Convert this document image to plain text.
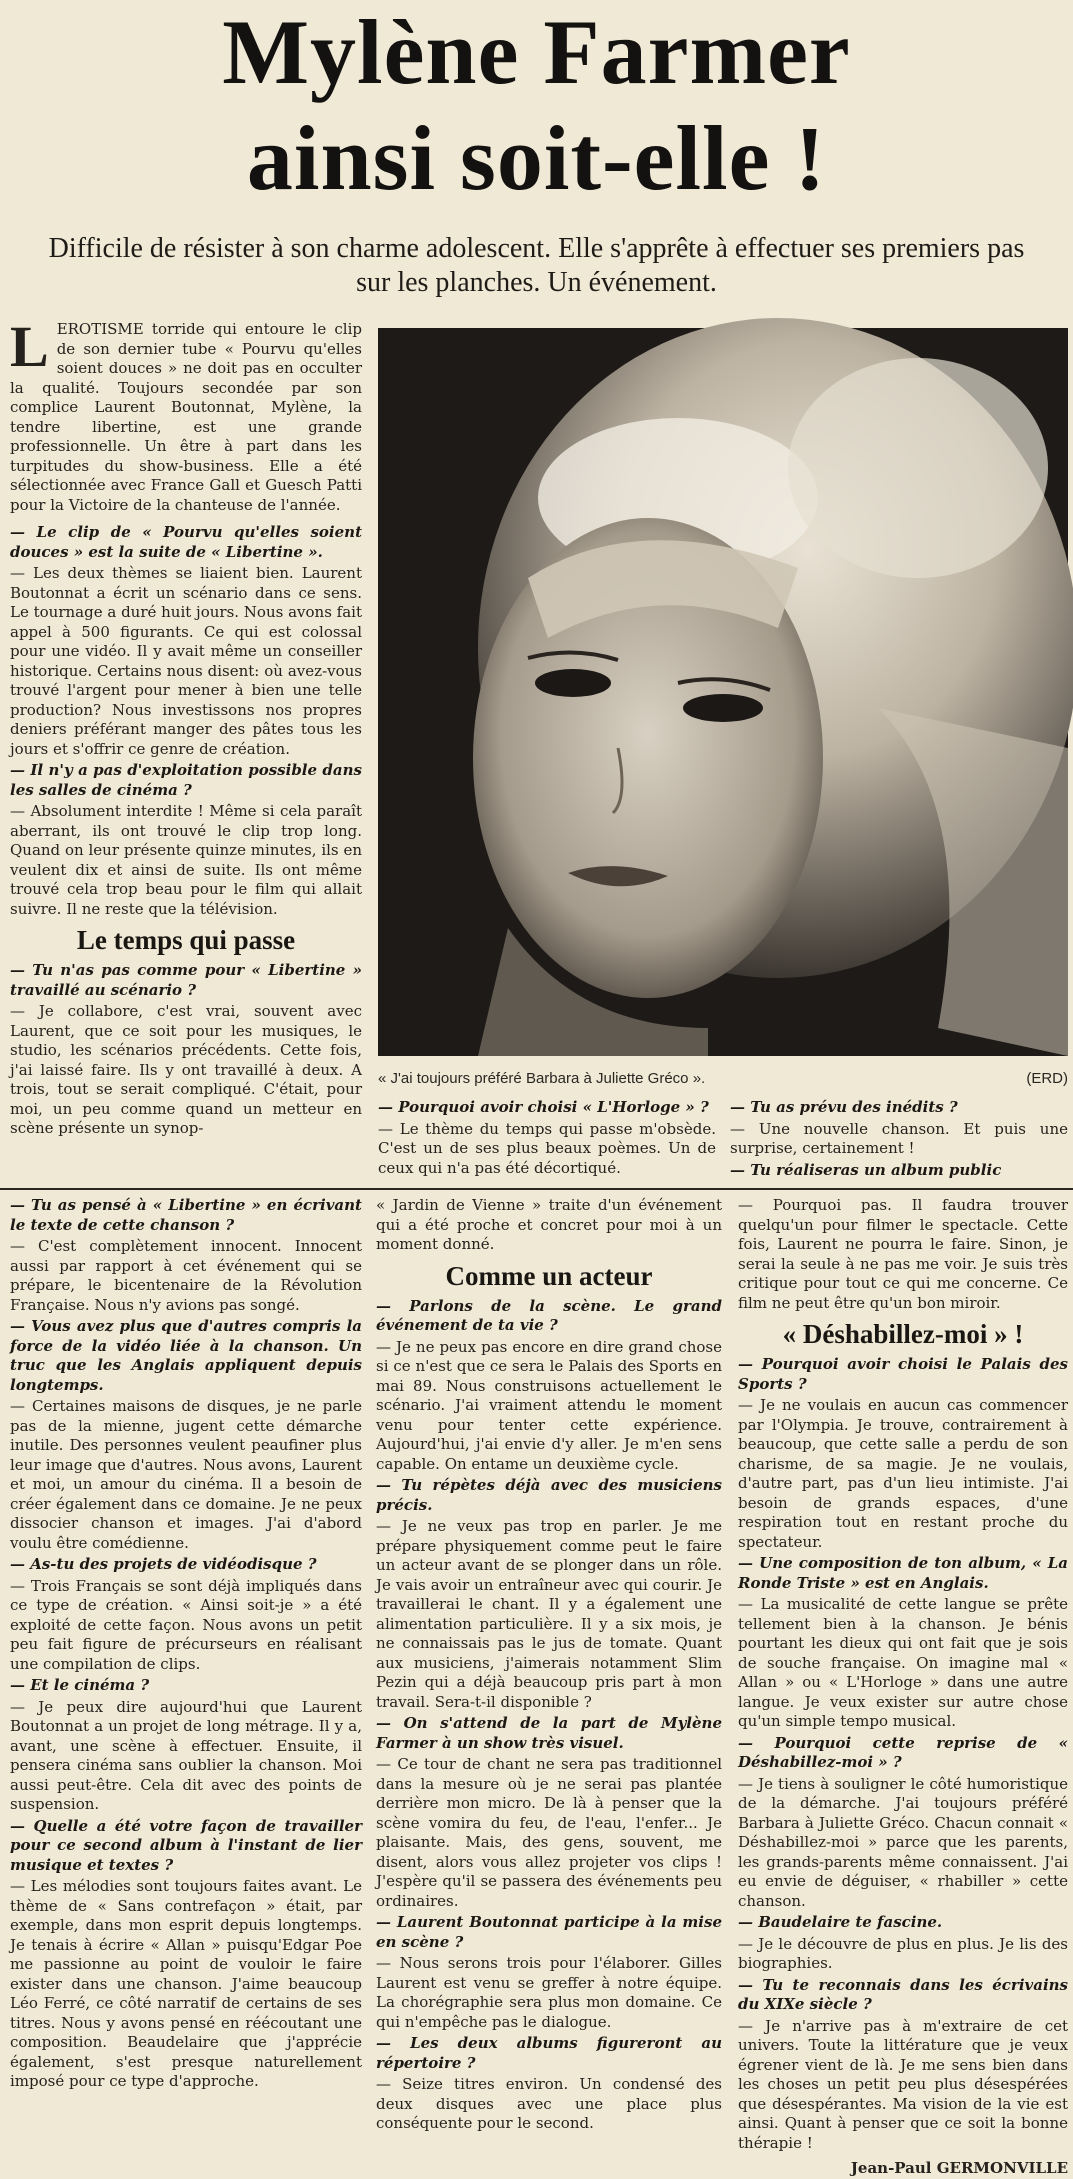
Mylène Farmer
ainsi soit-elle !
Difficile de résister à son charme adolescent. Elle s'apprête à effectuer ses premiers pas sur les planches. Un événement.

LEROTISME torride qui entoure le clip de son dernier tube « Pourvu qu'elles soient douces » ne doit pas en occulter la qualité. Toujours secondée par son complice Laurent Boutonnat, Mylène, la tendre libertine, est une grande professionnelle. Un être à part dans les turpitudes du show-business. Elle a été sélectionnée avec France Gall et Guesch Patti pour la Victoire de la chanteuse de l'année.

— Le clip de « Pourvu qu'elles soient douces » est la suite de « Libertine ».

— Les deux thèmes se liaient bien. Laurent Boutonnat a écrit un scénario dans ce sens. Le tournage a duré huit jours. Nous avons fait appel à 500 figurants. Ce qui est colossal pour une vidéo. Il y avait même un conseiller historique. Certains nous disent: où avez-vous trouvé l'argent pour mener à bien une telle production? Nous investissons nos propres deniers préférant manger des pâtes tous les jours et s'offrir ce genre de création.

— Il n'y a pas d'exploitation possible dans les salles de cinéma ?

— Absolument interdite ! Même si cela paraît aberrant, ils ont trouvé le clip trop long. Quand on leur présente quinze minutes, ils en veulent dix et ainsi de suite. Ils ont même trouvé cela trop beau pour le film qui allait suivre. Il ne reste que la télévision.

Le temps qui passe

— Tu n'as pas comme pour « Libertine » travaillé au scénario ?

— Je collabore, c'est vrai, souvent avec Laurent, que ce soit pour les musiques, le studio, les scénarios précédents. Cette fois, j'ai laissé faire. Ils y ont travaillé à deux. A trois, tout se serait compliqué. C'était, pour moi, un peu comme quand un metteur en scène présente un synop-

« J'ai toujours préféré Barbara à Juliette Gréco ».	(ERD)

— Pourquoi avoir choisi « L'Horloge » ?

— Le thème du temps qui passe m'obsède. C'est un de ses plus beaux poèmes. Un de ceux qui n'a pas été décortiqué.

— Tu as prévu des inédits ?

— Une nouvelle chanson. Et puis une surprise, certainement !

— Tu réaliseras un album public

— Tu as pensé à « Libertine » en écrivant le texte de cette chanson ?

— C'est complètement innocent. Innocent aussi par rapport à cet événement qui se prépare, le bicentenaire de la Révolution Française. Nous n'y avions pas songé.

— Vous avez plus que d'autres compris la force de la vidéo liée à la chanson. Un truc que les Anglais appliquent depuis longtemps.

— Certaines maisons de disques, je ne parle pas de la mienne, jugent cette démarche inutile. Des personnes veulent peaufiner plus leur image que d'autres. Nous avons, Laurent et moi, un amour du cinéma. Il a besoin de créer également dans ce domaine. Je ne peux dissocier chanson et images. J'ai d'abord voulu être comédienne.

— As-tu des projets de vidéodisque ?

— Trois Français se sont déjà impliqués dans ce type de création. « Ainsi soit-je » a été exploité de cette façon. Nous avons un petit peu fait figure de précurseurs en réalisant une compilation de clips.

— Et le cinéma ?

— Je peux dire aujourd'hui que Laurent Boutonnat a un projet de long métrage. Il y a, avant, une scène à effectuer. Ensuite, il pensera cinéma sans oublier la chanson. Moi aussi peut-être. Cela dit avec des points de suspension.

— Quelle a été votre façon de travailler pour ce second album à l'instant de lier musique et textes ?

— Les mélodies sont toujours faites avant. Le thème de « Sans contrefaçon » était, par exemple, dans mon esprit depuis longtemps. Je tenais à écrire « Allan » puisqu'Edgar Poe me passionne au point de vouloir le faire exister dans une chanson. J'aime beaucoup Léo Ferré, ce côté narratif de certains de ses titres. Nous y avons pensé en réécoutant une composition. Beaudelaire que j'apprécie également, s'est presque naturellement imposé pour ce type d'approche.

« Jardin de Vienne » traite d'un événement qui a été proche et concret pour moi à un moment donné.

Comme un acteur

— Parlons de la scène. Le grand événement de ta vie ?

— Je ne peux pas encore en dire grand chose si ce n'est que ce sera le Palais des Sports en mai 89. Nous construisons actuellement le scénario. J'ai vraiment attendu le moment venu pour tenter cette expérience. Aujourd'hui, j'ai envie d'y aller. Je m'en sens capable. On entame un deuxième cycle.

— Tu répètes déjà avec des musiciens précis.

— Je ne veux pas trop en parler. Je me prépare physiquement comme peut le faire un acteur avant de se plonger dans un rôle. Je vais avoir un entraîneur avec qui courir. Je travaillerai le chant. Il y a également une alimentation particulière. Il y a six mois, je ne connaissais pas le jus de tomate. Quant aux musiciens, j'aimerais notamment Slim Pezin qui a déjà beaucoup pris part à mon travail. Sera-t-il disponible ?

— On s'attend de la part de Mylène Farmer à un show très visuel.

— Ce tour de chant ne sera pas traditionnel dans la mesure où je ne serai pas plantée derrière mon micro. De là à penser que la scène vomira du feu, de l'eau, l'enfer... Je plaisante. Mais, des gens, souvent, me disent, alors vous allez projeter vos clips ! J'espère qu'il se passera des événements peu ordinaires.

— Laurent Boutonnat participe à la mise en scène ?

— Nous serons trois pour l'élaborer. Gilles Laurent est venu se greffer à notre équipe. La chorégraphie sera plus mon domaine. Ce qui n'empêche pas le dialogue.

— Les deux albums figureront au répertoire ?

— Seize titres environ. Un condensé des deux disques avec une place plus conséquente pour le second.

— Pourquoi pas. Il faudra trouver quelqu'un pour filmer le spectacle. Cette fois, Laurent ne pourra le faire. Sinon, je serai la seule à ne pas me voir. Je suis très critique pour tout ce qui me concerne. Ce film ne peut être qu'un bon miroir.

« Déshabillez-moi » !

— Pourquoi avoir choisi le Palais des Sports ?

— Je ne voulais en aucun cas commencer par l'Olympia. Je trouve, contrairement à beaucoup, que cette salle a perdu de son charisme, de sa magie. Je ne voulais, d'autre part, pas d'un lieu intimiste. J'ai besoin de grands espaces, d'une respiration tout en restant proche du spectateur.

— Une composition de ton album, « La Ronde Triste » est en Anglais.

— La musicalité de cette langue se prête tellement bien à la chanson. Je bénis pourtant les dieux qui ont fait que je sois de souche française. On imagine mal « Allan » ou « L'Horloge » dans une autre langue. Je veux exister sur autre chose qu'un simple tempo musical.

— Pourquoi cette reprise de « Déshabillez-moi » ?

— Je tiens à souligner le côté humoristique de la démarche. J'ai toujours préféré Barbara à Juliette Gréco. Chacun connait « Déshabillez-moi » parce que les parents, les grands-parents même connaissent. J'ai eu envie de déguiser, « rhabiller » cette chanson.

— Baudelaire te fascine.

— Je le découvre de plus en plus. Je lis des biographies.

— Tu te reconnais dans les écrivains du XIXe siècle ?

— Je n'arrive pas à m'extraire de cet univers. Toute la littérature que je veux égrener vient de là. Je me sens bien dans les choses un petit peu plus désespérées que désespérantes. Ma vision de la vie est ainsi. Quant à penser que ce soit la bonne thérapie !

Jean-Paul GERMONVILLE
